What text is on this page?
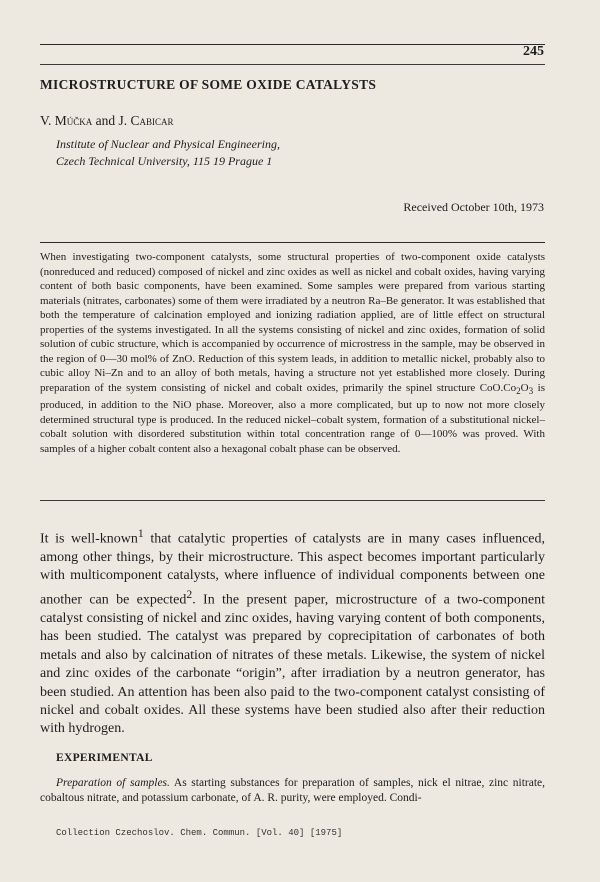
245
MICROSTRUCTURE OF SOME OXIDE CATALYSTS
V. Múčka and J. Cabicar
Institute of Nuclear and Physical Engineering,
Czech Technical University, 115 19 Prague 1
Received October 10th, 1973
When investigating two-component catalysts, some structural properties of two-component oxide catalysts (nonreduced and reduced) composed of nickel and zinc oxides as well as nickel and cobalt oxides, having varying content of both basic components, have been examined. Some samples were prepared from various starting materials (nitrates, carbonates) some of them were irradiated by a neutron Ra–Be generator. It was established that both the temperature of calcination employed and ionizing radiation applied, are of little effect on structural properties of the systems investigated. In all the systems consisting of nickel and zinc oxides, formation of solid solution of cubic structure, which is accompanied by occurrence of microstress in the sample, may be observed in the region of 0—30 mol% of ZnO. Reduction of this system leads, in addition to metallic nickel, probably also to cubic alloy Ni–Zn and to an alloy of both metals, having a structure not yet established more closely. During preparation of the system consisting of nickel and cobalt oxides, primarily the spinel structure $CoO.Co_2O_3$ is produced, in addition to the NiO phase. Moreover, also a more complicated, but up to now not more closely determined structural type is produced. In the reduced nickel–cobalt system, formation of a substitutional nickel–cobalt solution with disordered substitution within total concentration range of 0—100% was proved. With samples of a higher cobalt content also a hexagonal cobalt phase can be observed.
It is well-known$^1$ that catalytic properties of catalysts are in many cases influenced, among other things, by their microstructure. This aspect becomes important particularly with multicomponent catalysts, where influence of individual components between one another can be expected$^2$. In the present paper, microstructure of a two-component catalyst consisting of nickel and zinc oxides, having varying content of both components, has been studied. The catalyst was prepared by coprecipitation of carbonates of both metals and also by calcination of nitrates of these metals. Likewise, the system of nickel and zinc oxides of the carbonate “origin”, after irradiation by a neutron generator, has been studied. An attention has been also paid to the two-component catalyst consisting of nickel and cobalt oxides. All these systems have been studied also after their reduction with hydrogen.
EXPERIMENTAL
Preparation of samples. As starting substances for preparation of samples, nick el nitrae, zinc nitrate, cobaltous nitrate, and potassium carbonate, of A. R. purity, were employed. Condi-
Collection Czechoslov. Chem. Commun. [Vol. 40] [1975]
